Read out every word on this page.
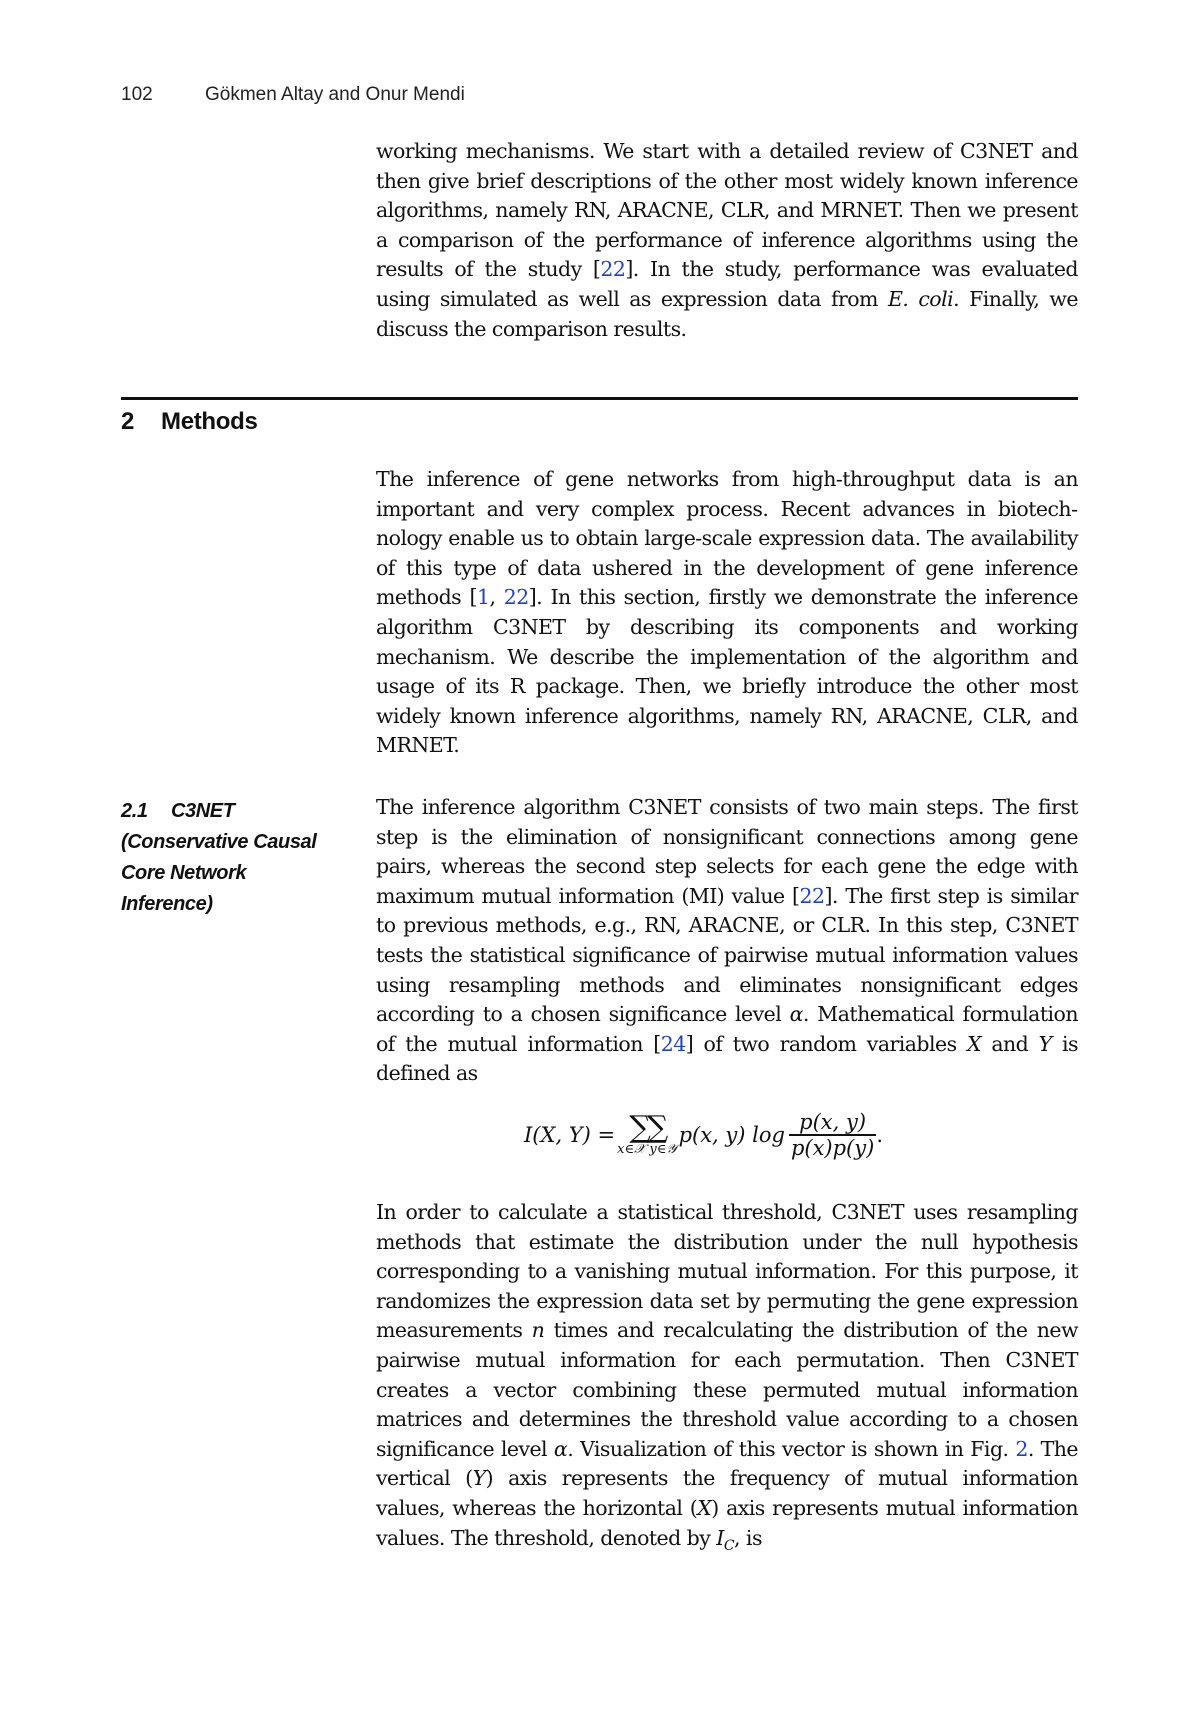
102	Gökmen Altay and Onur Mendi

working mechanisms. We start with a detailed review of C3NET and then give brief descriptions of the other most widely known inference algorithms, namely RN, ARACNE, CLR, and MRNET. Then we present a comparison of the performance of inference algorithms using the results of the study [22]. In the study, performance was evaluated using simulated as well as expression data from E. coli. Finally, we discuss the comparison results.

2 Methods

The inference of gene networks from high-throughput data is an important and very complex process. Recent advances in biotechnology enable us to obtain large-scale expression data. The availability of this type of data ushered in the development of gene inference methods [1, 22]. In this section, firstly we demonstrate the inference algorithm C3NET by describing its components and working mechanism. We describe the implementation of the algorithm and usage of its R package. Then, we briefly introduce the other most widely known inference algorithms, namely RN, ARACNE, CLR, and MRNET.

2.1 C3NET
(Conservative Causal Core Network Inference)

The inference algorithm C3NET consists of two main steps. The first step is the elimination of nonsignificant connections among gene pairs, whereas the second step selects for each gene the edge with maximum mutual information (MI) value [22]. The first step is similar to previous methods, e.g., RN, ARACNE, or CLR. In this step, C3NET tests the statistical significance of pairwise mutual information values using resampling methods and eliminates nonsignificant edges according to a chosen significance level α. Mathematical formulation of the mutual information [24] of two random variables X and Y is defined as

I(X, Y) = ∑∑
x∈𝒳 y∈𝒴
p(x, y) $\log \frac{p(x, y)}{p(x)p(y)}$ .

In order to calculate a statistical threshold, C3NET uses resampling methods that estimate the distribution under the null hypothesis corresponding to a vanishing mutual information. For this purpose, it randomizes the expression data set by permuting the gene expression measurements n times and recalculating the distribution of the new pairwise mutual information for each permutation. Then C3NET creates a vector combining these permuted mutual information matrices and determines the threshold value according to a chosen significance level α. Visualization of this vector is shown in Fig. 2. The vertical (Y) axis represents the frequency of mutual information values, whereas the horizontal (X) axis represents mutual information values. The threshold, denoted by $I_C$, is
